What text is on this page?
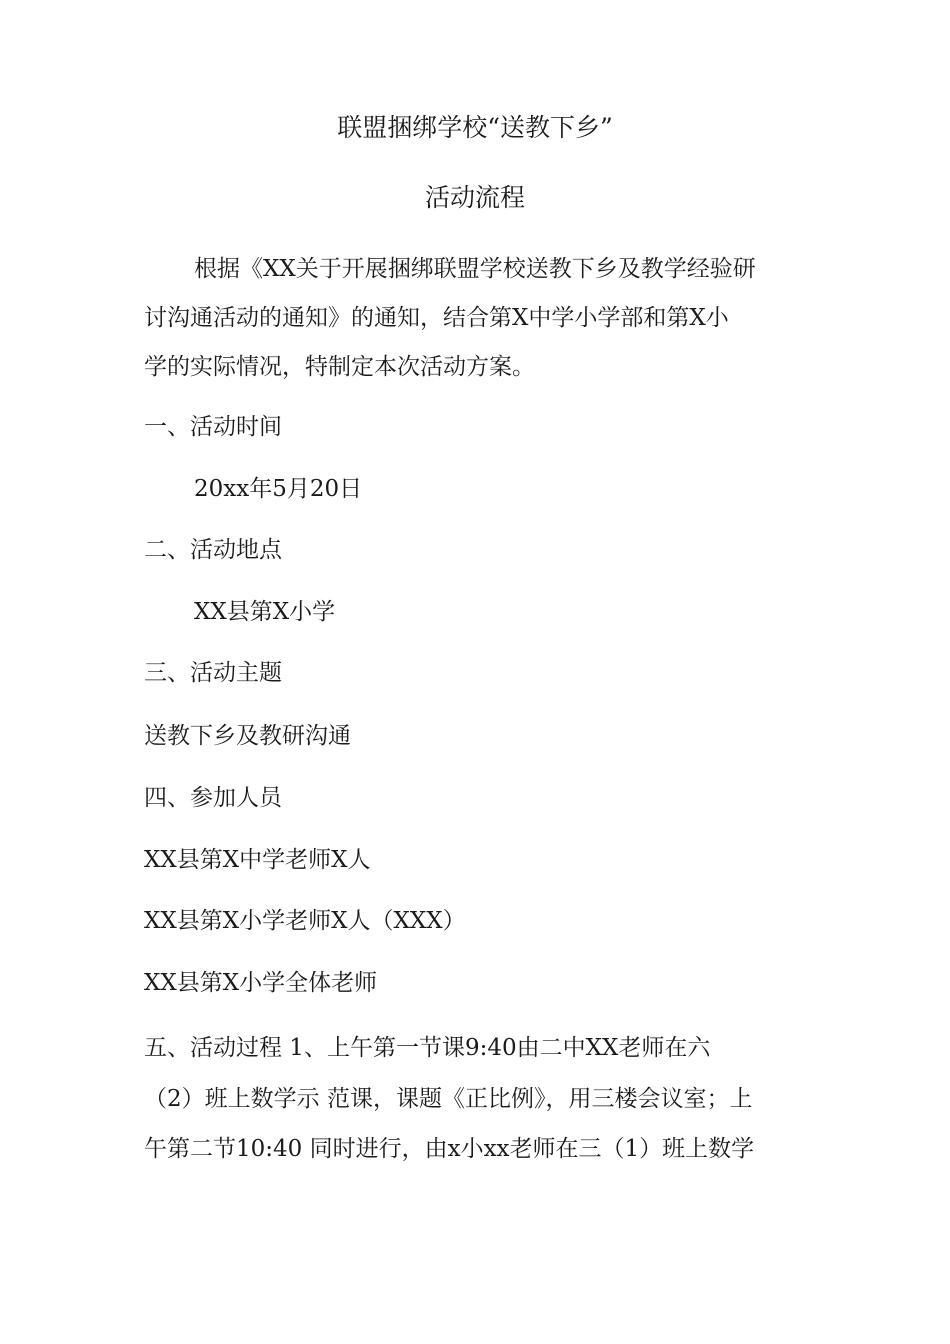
联盟捆绑学校“送教下乡”
活动流程
根据《XX关于开展捆绑联盟学校送教下乡及教学经验研
讨沟通活动的通知》的通知，结合第X中学小学部和第X小
学的实际情况，特制定本次活动方案。
一、活动时间
20xx年5月20日
二、活动地点
XX县第X小学
三、活动主题
送教下乡及教研沟通
四、参加人员
XX县第X中学老师X人
XX县第X小学老师X人（XXX）
XX县第X小学全体老师
五、活动过程 1、上午第一节课9:40由二中XX老师在六
（2）班上数学示 范课，课题《正比例》，用三楼会议室；上
午第二节10:40 同时进行，由x小xx老师在三（1）班上数学
